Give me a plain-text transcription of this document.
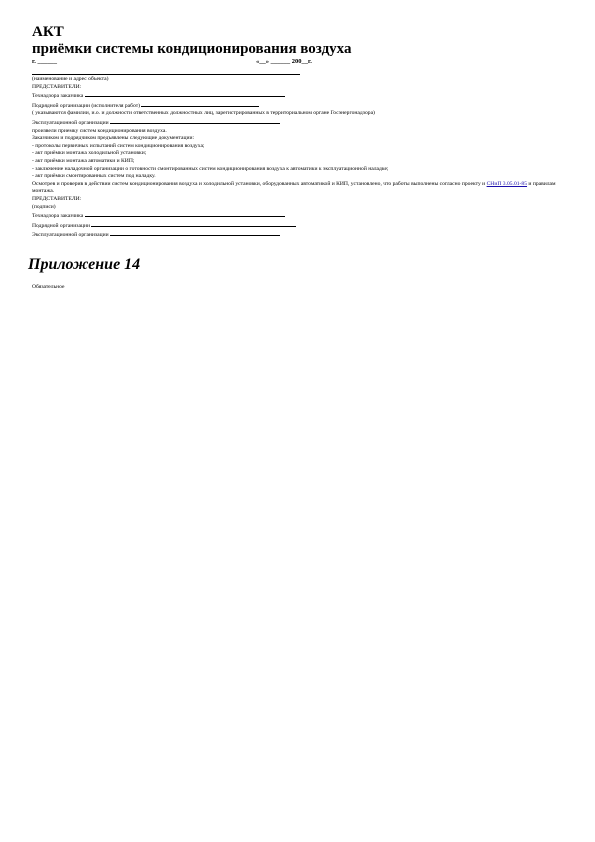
АКТ
приёмки системы кондиционирования воздуха
г. ______	«__» ______ 200__г.

(наименование и адрес объекта)

ПРЕДСТАВИТЕЛИ:

Технадзора заказчика

Подрядной организации (исполнителя работ)

( указываются фамилии, и.о. и должности ответственных должностных лиц, зарегистрированных в территориальном органе Госэнергонадзора)

Эксплуатационной организации

произвели приемку систем кондиционирования воздуха.

Заказчиком и подрядчиком предъявлены следующие документации:

- протоколы первичных испытаний систем кондиционирования воздуха;

- акт приёмки монтажа холодильной установки;

- акт приёмки монтажа автоматики и КИП;

- заключение наладочной организации о готовности смонтированных систем кондиционирования воздуха к автоматики к эксплуатационной наладке;

- акт приёмки смонтированных систем под наладку.

Осмотрев и проверив в действии систем кондиционирования воздуха и холодильной установки, оборудованных автоматикой и КИП, установлено, что работы выполнены согласно проекту и СНиП 3.05.01-85 и правилам монтажа.

ПРЕДСТАВИТЕЛИ:

(подписи)

Технадзора заказчика

Подрядной организации

Эксплуатационной организации

Приложение 14
Обязательное
